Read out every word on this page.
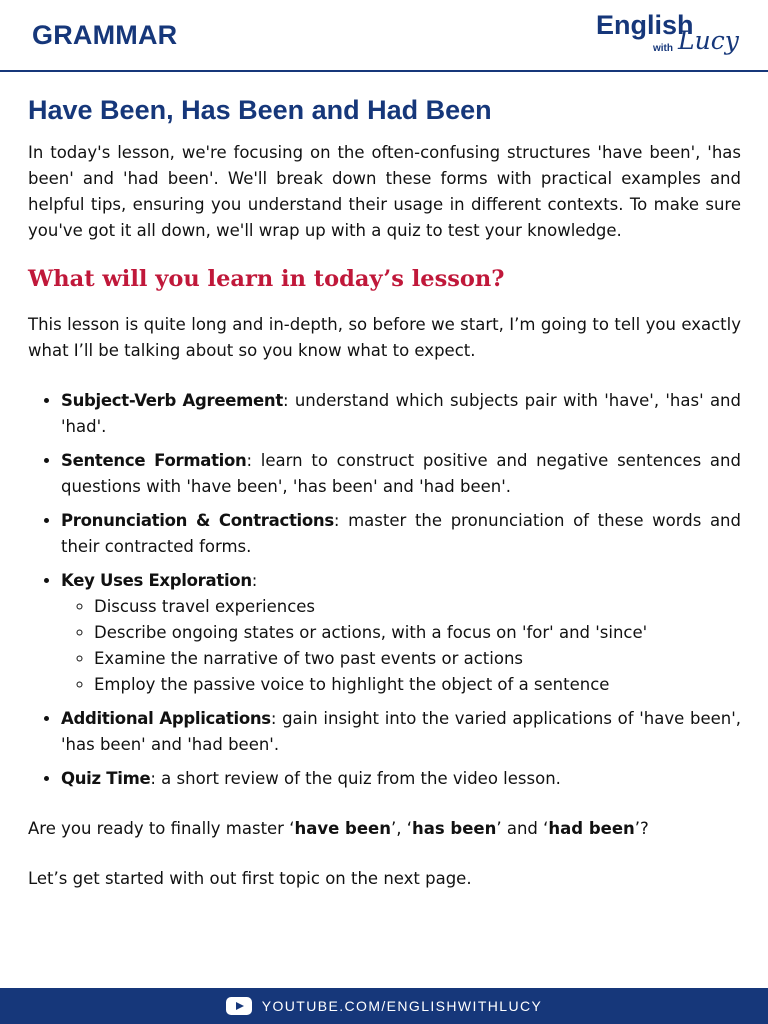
GRAMMAR	English
with Lucy
Have Been, Has Been and Had Been

In today's lesson, we're focusing on the often-confusing structures 'have been', 'has been' and 'had been'. We'll break down these forms with practical examples and helpful tips, ensuring you understand their usage in different contexts. To make sure you've got it all down, we'll wrap up with a quiz to test your knowledge.

What will you learn in today’s lesson?

This lesson is quite long and in-depth, so before we start, I’m going to tell you exactly what I’ll be talking about so you know what to expect.

• Subject-Verb Agreement: understand which subjects pair with 'have', 'has' and 'had'.
• Sentence Formation: learn to construct positive and negative sentences and questions with 'have been', 'has been' and 'had been'.
• Pronunciation & Contractions: master the pronunciation of these words and their contracted forms.
• Key Uses Exploration:
◦ Discuss travel experiences
◦ Describe ongoing states or actions, with a focus on 'for' and 'since'
◦ Examine the narrative of two past events or actions
◦ Employ the passive voice to highlight the object of a sentence
• Additional Applications: gain insight into the varied applications of 'have been', 'has been' and 'had been'.
• Quiz Time: a short review of the quiz from the video lesson.

Are you ready to finally master ‘have been’, ‘has been’ and ‘had been’?

Let’s get started with out first topic on the next page.

YOUTUBE.COM/ENGLISHWITHLUCY
